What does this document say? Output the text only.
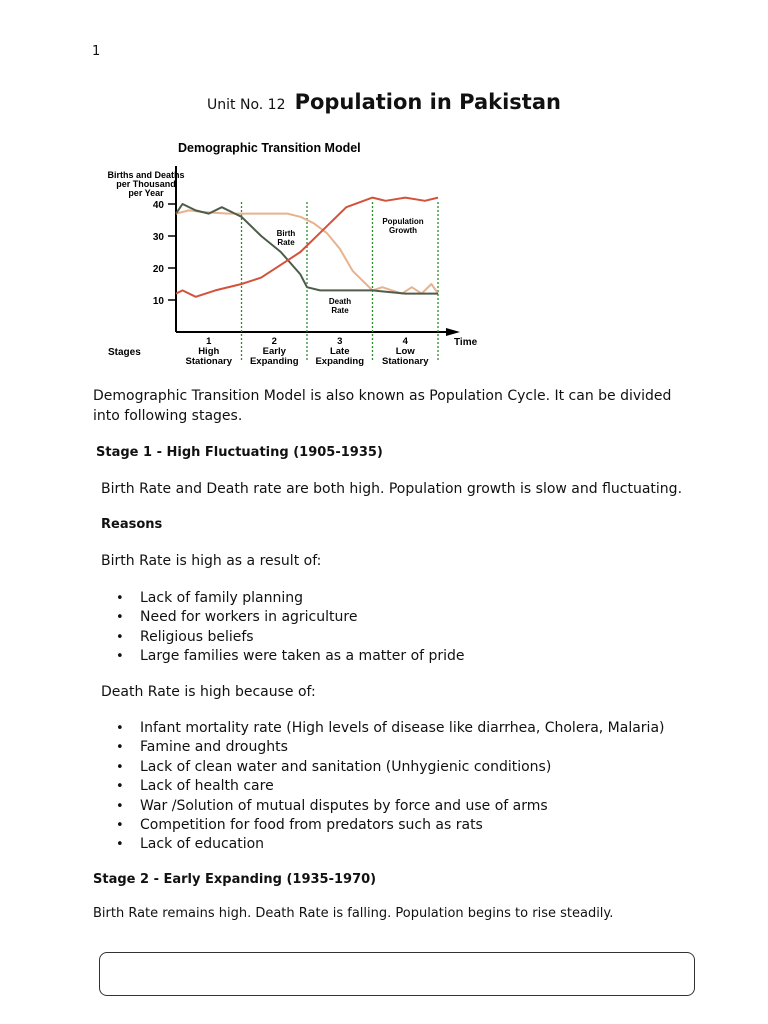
1
Unit No. 12 Population in Pakistan
Demographic Transition Model
Births and Deaths
per Thousand
per Year
10
20
30
40
Time
Stages
1
High
Stationary
2
Early
Expanding
3
Late
Expanding
4
Low
Stationary
Birth
Rate
Death
Rate
Population
Growth
Demographic Transition Model is also known as Population Cycle. It can be divided into following stages.
Stage 1 - High Fluctuating (1905-1935)
Birth Rate and Death rate are both high. Population growth is slow and fluctuating.
Reasons
Birth Rate is high as a result of:
• Lack of family planning
• Need for workers in agriculture
• Religious beliefs
• Large families were taken as a matter of pride
Death Rate is high because of:
• Infant mortality rate (High levels of disease like diarrhea, Cholera, Malaria)
• Famine and droughts
• Lack of clean water and sanitation (Unhygienic conditions)
• Lack of health care
• War /Solution of mutual disputes by force and use of arms
• Competition for food from predators such as rats
• Lack of education
Stage 2 - Early Expanding (1935-1970)
Birth Rate remains high. Death Rate is falling. Population begins to rise steadily.
